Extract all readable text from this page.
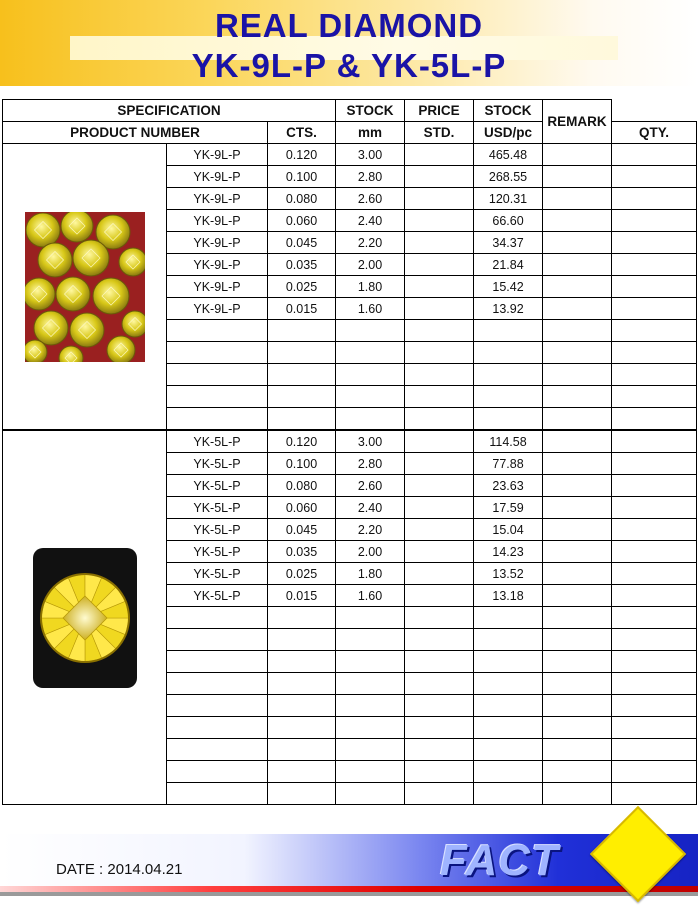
REAL DIAMOND
YK-9L-P & YK-5L-P
SPECIFICATION			STOCK	PRICE	STOCK	REMARK	
PRODUCT NUMBER		CTS.	mm	STD.	USD/pc		QTY.

	YK-9L-P	0.120	3.00		465.48		
	YK-9L-P	0.100	2.80		268.55		
	YK-9L-P	0.080	2.60		120.31		
	YK-9L-P	0.060	2.40		66.60		
	YK-9L-P	0.045	2.20		34.37		
	YK-9L-P	0.035	2.00		21.84		
	YK-9L-P	0.025	1.80		15.42		
	YK-9L-P	0.015	1.60		13.92		

	YK-5L-P	0.120	3.00		114.58		
	YK-5L-P	0.100	2.80		77.88		
	YK-5L-P	0.080	2.60		23.63		
	YK-5L-P	0.060	2.40		17.59		
	YK-5L-P	0.045	2.20		15.04		
	YK-5L-P	0.035	2.00		14.23		
	YK-5L-P	0.025	1.80		13.52		
	YK-5L-P	0.015	1.60		13.18		

DATE : 2014.04.21	FACT
